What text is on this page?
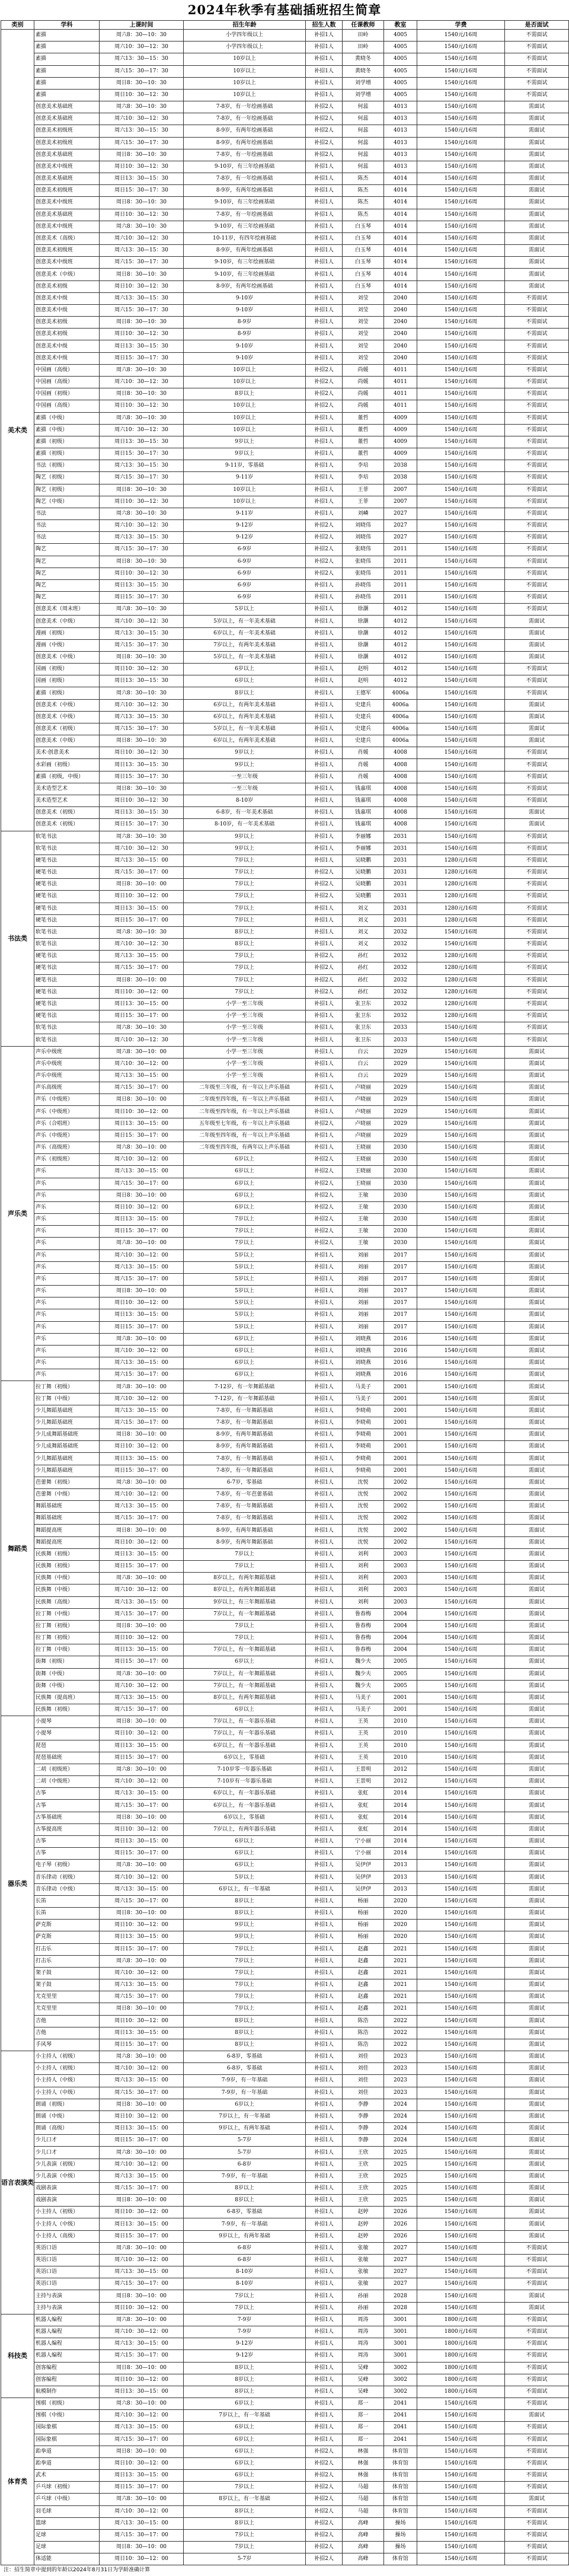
2024年秋季有基础插班招生简章
类别	学科	上课时间	招生年龄	招生人数	任课教师	教室	学费	是否面试
美术类	素描	周六8：30—10：30	小学四年级以上	补招1人	田岭	4005	1540元/16周	不需面试
	素描	周六10：30—12：30	小学四年级以上	补招1人	田岭	4005	1540元/16周	不需面试
	素描	周六13：30—15：30	10岁以上	补招1人	黄晓冬	4005	1540元/16周	不需面试
	素描	周六15：30—17：30	10岁以上	补招1人	黄晓冬	4005	1540元/16周	不需面试
	素描	周日8：30—10：30	10岁以上	补招1人	刘学增	4005	1540元/16周	不需面试
	素描	周日10：30—12：30	10岁以上	补招1人	刘学增	4005	1540元/16周	不需面试
	创意美术基础班	周六8：30—10：30	7-8岁，有一年绘画基础	补招2人	何蕊	4013	1540元/16周	需面试
	创意美术基础班	周六10：30—12：30	7-8岁，有一年绘画基础	补招2人	何蕊	4013	1540元/16周	需面试
	创意美术初级班	周六13：30—15：30	8-9岁，有两年绘画基础	补招2人	何蕊	4013	1540元/16周	需面试
	创意美术初级班	周六15：30—17：30	8-9岁，有两年绘画基础	补招2人	何蕊	4013	1540元/16周	需面试
	创意美术基础班	周日8：30—10：30	7-8岁，有一年绘画基础	补招2人	何蕊	4013	1540元/16周	需面试
	创意美术中级班	周日10：30—12：30	9-10岁，有三年绘画基础	补招1人	何蕊	4013	1540元/16周	需面试
	创意美术基础班	周日13：30—15：30	7-8岁，有一年绘画基础	补招1人	陈杰	4014	1540元/16周	需面试
	创意美术初级班	周日15：30—17：30	8-9岁，有两年绘画基础	补招1人	陈杰	4014	1540元/16周	需面试
	创意美术中级班	周日8：30—10：30	9-10岁，有三年绘画基础	补招1人	陈杰	4014	1540元/16周	需面试
	创意美术基础班	周日10：30—12：30	7-8岁，有一年绘画基础	补招1人	陈杰	4014	1540元/16周	需面试
	创意美术中级班	周六8：30—10：30	9-10岁，有三年绘画基础	补招1人	白玉琴	4014	1540元/16周	需面试
	创意美术（高级）	周六10：30—12：30	10-11岁，有四年绘画基础	补招1人	白玉琴	4014	1540元/16周	需面试
	创意美术初级班	周六13：30—15：30	8-9岁，有两年绘画基础	补招1人	白玉琴	4014	1540元/16周	需面试
	创意美术中级班	周六15：30—17：30	9-10岁，有三年绘画基础	补招1人	白玉琴	4014	1540元/16周	需面试
	创意美术（中级）	周日8：30—10：30	9-10岁，有三年绘画基础	补招1人	白玉琴	4014	1540元/16周	需面试
	创意美术初级	周日10：30—12：30	8-9岁，有两年绘画基础	补招1人	白玉琴	4014	1540元/16周	需面试
	创意美术中级	周六13：30—15：30	9-10岁	补招1人	刘莹	2040	1540元/16周	不需面试
	创意美术中级	周六15：30—17：30	9-10岁	补招1人	刘莹	2040	1540元/16周	不需面试
	创意美术初级	周日8：30—10：30	8-9岁	补招1人	刘莹	2040	1540元/16周	不需面试
	创意美术初级	周日10：30—12：30	8-9岁	补招1人	刘莹	2040	1540元/16周	不需面试
	创意美术中级	周日13：30—15：30	9-10岁	补招1人	刘莹	2040	1540元/16周	不需面试
	创意美术中级	周日15：30—17：30	9-10岁	补招1人	刘莹	2040	1540元/16周	不需面试
	中国画（高级）	周六8：30—10：30	10岁以上	补招2人	尚媛	4011	1540元/16周	不需面试
	中国画（高级）	周六10：30—12：30	10岁以上	补招2人	尚媛	4011	1540元/16周	不需面试
	中国画（初级）	周日8：30—10：30	8岁以上	补招2人	尚媛	4011	1540元/16周	不需面试
	中国画（高级）	周日10：30—12：30	10岁以上	补招2人	尚媛	4011	1540元/16周	不需面试
	素描（中级）	周六8：30—10：30	10岁以上	补招1人	董哲	4009	1540元/16周	不需面试
	素描（中级）	周六10：30—12：30	10岁以上	补招1人	董哲	4009	1540元/16周	不需面试
	素描（初级）	周日13：30—15：30	9岁以上	补招1人	董哲	4009	1540元/16周	不需面试
	素描（初级）	周日15：30—17：30	9岁以上	补招1人	董哲	4009	1540元/16周	不需面试
	书法（初级）	周六13：30—15：30	9-11岁，零基础	补招1人	李培	2038	1540元/16周	不需面试
	陶艺（初级）	周六15：30—17：30	9-11岁	补招1人	李培	2038	1540元/16周	不需面试
	陶艺（初级）	周日8：30—10：30	10岁以上	补招1人	王菲	2007	1540元/16周	不需面试
	陶艺（中级）	周日10：30—12：30	10岁以上	补招1人	王菲	2007	1540元/16周	不需面试
	书法	周六8：30—10：30	9-11岁	补招1人	刘嶙	2027	1540元/16周	不需面试
	书法	周六10：30—12：30	9-12岁	补招2人	刘晓伟	2027	1540元/16周	不需面试
	书法	周六13：30—15：30	9-12岁	补招2人	刘晓伟	2027	1540元/16周	不需面试
	陶艺	周六15：30—17：30	6-9岁	补招2人	张晓伟	2011	1540元/16周	不需面试
	陶艺	周日8：30—10：30	6-9岁	补招2人	张晓伟	2011	1540元/16周	不需面试
	陶艺	周日10：30—12：30	6-9岁	补招2人	张晓伟	2011	1540元/16周	不需面试
	陶艺	周日13：30—15：30	6-9岁	补招1人	孙晓伟	2011	1540元/16周	不需面试
	陶艺	周日15：30—17：30	6-9岁	补招1人	孙晓伟	2011	1540元/16周	不需面试
	创意美术（周末班）	周六8：30—10：30	5岁以上	补招1人	徐灏	4012	1540元/16周	不需面试
	创意美术（中级）	周六10：30—12：30	5岁以上，有一年美术基础	补招1人	徐灏	4012	1540元/16周	需面试
	漫画（初级）	周六13：30—15：30	6岁以上，有一年美术基础	补招1人	徐灏	4012	1540元/16周	需面试
	漫画（中级）	周六15：30—17：30	7岁以上，有两年美术基础	补招1人	徐灏	4012	1540元/16周	需面试
	创意美术（中级）	周日8：30—10：30	5岁以上，有一年美术基础	补招1人	徐灏	4012	1540元/16周	需面试
	国画（初级）	周日10：30—12：30	6岁以上	补招1人	赵明	4012	1540元/16周	不需面试
	国画（初级）	周日13：30—15：30	6岁以上	补招1人	赵明	4012	1540元/16周	不需面试
	素描（初级）	周六8：30—10：30	8岁以上	补招1人	王德军	4006a	1540元/16周	不需面试
	创意美术（中级）	周六10：30—12：30	6岁以上，有两年美术基础	补招1人	史建兵	4006a	1540元/16周	需面试
	创意美术（中级）	周六13：30—15：30	6岁以上，有两年美术基础	补招1人	史建兵	4006a	1540元/16周	需面试
	创意美术（初级）	周六15：30—17：30	5岁以上，有一年美术基础	补招1人	史建兵	4006a	1540元/16周	需面试
	创意美术（中级）	周日8：30—10：30	6岁以上，有两年美术基础	补招1人	史建兵	4006a	1540元/16周	需面试
	美术·创意美术	周日10：30—12：30	9岁以上	补招1人	肖媛	4008	1540元/16周	不需面试
	水彩画（初级）	周日13：30—15：30	9岁以上	补招1人	肖媛	4008	1540元/16周	不需面试
	素描（初级，中级）	周日15：30—17：30	一至三年级	补招1人	肖媛	4008	1540元/16周	不需面试
	美术造型艺术	周日8：30—10：30	一至三年级	补招1人	钱嘉琪	4008	1540元/16周	不需面试
	美术造型艺术	周日10：30—12：30	8-10岁	补招1人	钱嘉琪	4008	1540元/16周	不需面试
	创意美术（初级）	周日13：30—15：30	6-8岁，有一年美术基础	补招1人	钱嘉琪	4008	1540元/16周	需面试
	创意美术（初级）	周日15：30—17：30	8-10岁，有一年美术基础	补招1人	钱嘉琪	4008	1540元/16周	需面试
书法类	软笔书法	周六8：30—10：30	9岁以上	补招1人	李丽娜	2031	1540元/16周	不需面试
	软笔书法	周六10：30—12：30	9岁以上	补招1人	李丽娜	2031	1540元/16周	不需面试
	硬笔书法	周六13：30—15：00	7岁以上	补招1人	吴晓鹏	2031	1280元/16周	不需面试
	硬笔书法	周六15：30—17：00	7岁以上	补招2人	吴晓鹏	2031	1280元/16周	不需面试
	硬笔书法	周日8：30—10：00	7岁以上	补招2人	吴晓鹏	2031	1280元/16周	不需面试
	硬笔书法	周日10：30—12：00	7岁以上	补招2人	吴晓鹏	2031	1280元/16周	不需面试
	硬笔书法	周日13：30—15：00	7岁以上	补招1人	刘义	2031	1280元/16周	不需面试
	硬笔书法	周日15：30—17：00	7岁以上	补招1人	刘义	2031	1280元/16周	不需面试
	软笔书法	周六8：30—10：30	8岁以上	补招1人	刘义	2032	1540元/16周	不需面试
	软笔书法	周六10：30—12：30	8岁以上	补招1人	刘义	2032	1540元/16周	不需面试
	硬笔书法	周六13：30—15：00	7岁以上	补招2人	孙红	2032	1280元/16周	不需面试
	硬笔书法	周六15：30—17：00	7岁以上	补招2人	孙红	2032	1280元/16周	不需面试
	硬笔书法	周日8：30—10：00	7岁以上	补招2人	孙红	2032	1280元/16周	不需面试
	硬笔书法	周日10：30—12：00	7岁以上	补招2人	孙红	2032	1280元/16周	不需面试
	硬笔书法	周日13：30—15：00	小学一至三年级	补招1人	张卫东	2032	1280元/16周	不需面试
	硬笔书法	周日15：30—17：00	小学一至三年级	补招1人	张卫东	2032	1280元/16周	不需面试
	软笔书法	周六8：30—10：30	小学一至三年级	补招1人	张卫东	2033	1540元/16周	不需面试
	软笔书法	周六10：30—12：30	小学一至三年级	补招1人	张卫东	2033	1540元/16周	不需面试
声乐类	声乐中级班	周六8：30—10：00	小学一至三年级	补招1人	白云	2029	1540元/16周	需面试
	声乐中级班	周六10：30—12：00	小学一至三年级	补招1人	白云	2029	1540元/16周	需面试
	声乐中级班	周六13：30—15：00	小学一至三年级	补招1人	白云	2029	1540元/16周	需面试
	声乐高级班	周六15：30—17：00	二年级至三年级，有一年以上声乐基础	补招1人	卢晓丽	2029	1540元/16周	需面试
	声乐（中级班）	周日8：30—10：00	二年级至四年级，有一年以上声乐基础	补招1人	卢晓丽	2029	1540元/16周	需面试
	声乐（中级班）	周日10：30—12：00	二年级至四年级，有一年以上声乐基础	补招1人	卢晓丽	2029	1540元/16周	需面试
	声乐（合唱班）	周日13：30—15：00	五年级至七年级，有一年以上声乐基础	补招2人	卢晓丽	2029	1540元/16周	需面试
	声乐（中级班）	周日15：30—17：00	二年级至四年级，有一年以上声乐基础	补招1人	卢晓丽	2029	1540元/16周	需面试
	声乐（高级班）	周六8：30—10：00	二年级至四年级，有两年以上声乐基础	补招1人	王晓丽	2030	1540元/16周	需面试
	声乐（初级班）	周六10：30—12：00	6岁以上	补招2人	王晓丽	2030	1540元/16周	需面试
	声乐	周六13：30—15：00	6岁以上	补招2人	王晓丽	2030	1540元/16周	需面试
	声乐	周六15：30—17：00	6岁以上	补招2人	王晓丽	2030	1540元/16周	需面试
	声乐	周日8：30—10：00	6岁以上	补招2人	王敏	2030	1540元/16周	需面试
	声乐	周日10：30—12：00	6岁以上	补招2人	王敏	2030	1540元/16周	需面试
	声乐	周日13：30—15：00	7岁以上	补招2人	王敏	2030	1540元/16周	需面试
	声乐	周日15：30—17：00	7岁以上	补招2人	王敏	2030	1540元/16周	需面试
	声乐	周六8：30—10：00	7岁以上	补招2人	王敏	2030	1540元/16周	需面试
	声乐	周六10：30—12：00	5岁以上	补招1人	刘丽	2017	1540元/16周	需面试
	声乐	周六13：30—15：00	5岁以上	补招1人	刘丽	2017	1540元/16周	需面试
	声乐	周六15：30—17：00	5岁以上	补招1人	刘丽	2017	1540元/16周	需面试
	声乐	周日8：30—10：00	5岁以上	补招1人	刘丽	2017	1540元/16周	需面试
	声乐	周日10：30—12：00	5岁以上	补招1人	刘丽	2017	1540元/16周	需面试
	声乐	周日13：30—15：00	5岁以上	补招1人	刘丽	2017	1540元/16周	需面试
	声乐	周日15：30—17：00	5岁以上	补招1人	刘丽	2017	1540元/16周	需面试
	声乐	周六8：30—10：00	6岁以上	补招1人	刘晓燕	2016	1540元/16周	需面试
	声乐	周六10：30—12：00	6岁以上	补招1人	刘晓燕	2016	1540元/16周	需面试
	声乐	周六13：30—15：00	6岁以上	补招1人	刘晓燕	2016	1540元/16周	需面试
	声乐	周六15：30—17：00	6岁以上	补招1人	刘晓燕	2016	1540元/16周	需面试
舞蹈类	拉丁舞（初级）	周六8：30—10：00	7-12岁，有一年舞蹈基础	补招1人	马美子	2001	1540元/16周	需面试
	拉丁舞（中级）	周六10：30—12：00	7-12岁，有一年舞蹈基础	补招1人	马美子	2001	1540元/16周	需面试
	少儿舞蹈基础班	周六13：30—15：00	7-8岁，有一年舞蹈基础	补招1人	李晓萌	2001	1540元/16周	需面试
	少儿舞蹈基础班	周六15：30—17：00	7-8岁，有一年舞蹈基础	补招1人	李晓萌	2001	1540元/16周	需面试
	少儿成舞蹈基础班	周日8：30—10：00	8-9岁，有两年舞蹈基础	补招1人	李晓萌	2001	1540元/16周	需面试
	少儿成舞蹈基础班	周日10：30—12：00	8-9岁，有两年舞蹈基础	补招1人	李晓萌	2001	1540元/16周	需面试
	少儿舞蹈基础班	周日13：30—15：00	7-8岁，有一年舞蹈基础	补招1人	李晓萌	2001	1540元/16周	需面试
	少儿舞蹈基础班	周日15：30—17：00	7-8岁，有一年舞蹈基础	补招1人	李晓萌	2001	1540元/16周	需面试
	芭蕾舞（初级）	周六8：30—10：00	6-7岁，零基础	补招1人	沈悦	2002	1540元/16周	需面试
	芭蕾舞（中级）	周六10：30—12：00	7-8岁，有一年芭蕾基础	补招1人	沈悦	2002	1540元/16周	需面试
	舞蹈基础班	周六13：30—15：00	7-8岁，有一年舞蹈基础	补招1人	沈悦	2002	1540元/16周	需面试
	舞蹈基础班	周六15：30—17：00	7-8岁，有一年舞蹈基础	补招1人	沈悦	2002	1540元/16周	需面试
	舞蹈提高班	周日8：30—10：00	8-9岁，有两年舞蹈基础	补招1人	沈悦	2002	1540元/16周	需面试
	舞蹈提高班	周日10：30—12：00	8-9岁，有两年舞蹈基础	补招1人	沈悦	2002	1540元/16周	需面试
	民族舞（初级）	周日13：30—15：00	7岁以上	补招1人	刘利	2003	1540元/16周	需面试
	民族舞（初级）	周日15：30—17：00	7岁以上	补招1人	刘利	2003	1540元/16周	需面试
	民族舞（中级）	周六8：30—10：00	8岁以上，有两年舞蹈基础	补招1人	刘利	2003	1540元/16周	需面试
	民族舞（中级）	周六10：30—12：00	8岁以上，有两年舞蹈基础	补招1人	刘利	2003	1540元/16周	需面试
	民族舞（高级）	周六13：30—15：00	9岁以上，有三年舞蹈基础	补招1人	刘利	2003	1540元/16周	需面试
	拉丁舞（中级）	周六15：30—17：00	7岁以上，有一年舞蹈基础	补招1人	鲁春梅	2004	1540元/16周	需面试
	拉丁舞（初级）	周日8：30—10：00	7岁以上	补招1人	鲁春梅	2004	1540元/16周	需面试
	拉丁舞（初级）	周日10：30—12：00	7岁以上	补招1人	鲁春梅	2004	1540元/16周	需面试
	拉丁舞（中级）	周日13：30—15：00	7岁以上，有一年舞蹈基础	补招1人	鲁春梅	2004	1540元/16周	需面试
	街舞（初级）	周日15：30—17：00	6岁以上	补招1人	魏少夫	2005	1540元/16周	需面试
	街舞（中级）	周六8：30—10：00	7岁以上，有一年舞蹈基础	补招1人	魏少夫	2005	1540元/16周	需面试
	街舞（中级）	周六10：30—12：00	7岁以上，有一年舞蹈基础	补招1人	魏少夫	2005	1540元/16周	需面试
	民族舞（提高班）	周六13：30—15：00	8岁以上，有两年舞蹈基础	补招1人	马美子	2001	1540元/16周	需面试
	民族舞（初级）	周六15：30—17：00	6岁以上	补招1人	马美子	2001	1540元/16周	需面试
器乐类	小提琴	周日8：30—10：00	7岁以上，有一年器乐基础	补招1人	王英	2010	1540元/16周	需面试
	小提琴	周日10：30—12：00	7岁以上，有一年器乐基础	补招1人	王英	2010	1540元/16周	需面试
	琵琶	周日13：30—15：00	6岁以上，有一年器乐基础	补招1人	王英	2010	1540元/16周	需面试
	琵琶基础班	周日15：30—17：00	6岁以上，零基础	补招1人	王英	2010	1540元/16周	需面试
	二胡（初级班）	周六8：30—10：00	7-10岁零一年器乐基础	补招1人	王景明	2012	1540元/16周	需面试
	二胡（中级班）	周六10：30—12：00	7-10岁有一年器乐基础	补招1人	王景明	2012	1540元/16周	需面试
	古筝	周六13：30—15：00	6岁以上，有一年器乐基础	补招1人	张虹	2014	1540元/16周	需面试
	古筝	周六15：30—17：00	6岁以上，有一年器乐基础	补招1人	张虹	2014	1540元/16周	需面试
	古筝基础班	周日8：30—10：00	6岁以上，零基础	补招1人	张虹	2014	1540元/16周	需面试
	古筝提高班	周日10：30—12：00	7岁以上，有两年器乐基础	补招1人	张虹	2014	1540元/16周	需面试
	古筝	周日13：30—15：00	6岁以上	补招1人	宁小丽	2014	1540元/16周	需面试
	古筝	周日15：30—17：00	6岁以上	补招1人	宁小丽	2014	1540元/16周	需面试
	电子琴（初级）	周六8：30—10：00	6岁以上	补招1人	吴伊伊	2013	1540元/16周	需面试
	音乐律动（初级）	周六10：30—12：00	5岁以上	补招1人	吴伊伊	2013	1540元/16周	需面试
	音乐律动（中级）	周六13：30—15：00	6岁以上，有一年基础	补招1人	吴伊伊	2013	1540元/16周	需面试
	长笛	周六15：30—17：00	8岁以上	补招1人	杨丽	2020	1540元/16周	需面试
	长笛	周日8：30—10：00	8岁以上	补招1人	杨丽	2020	1540元/16周	需面试
	萨克斯	周日10：30—12：00	9岁以上	补招1人	杨丽	2020	1540元/16周	需面试
	萨克斯	周日13：30—15：00	9岁以上	补招1人	杨丽	2020	1540元/16周	需面试
	打击乐	周日15：30—17：00	7岁以上	补招1人	赵鑫	2021	1540元/16周	需面试
	打击乐	周六8：30—10：00	7岁以上	补招1人	赵鑫	2021	1540元/16周	需面试
	架子鼓	周六10：30—12：00	7岁以上	补招1人	赵鑫	2021	1540元/16周	需面试
	架子鼓	周六13：30—15：00	7岁以上	补招1人	赵鑫	2021	1540元/16周	需面试
	尤克里里	周六15：30—17：00	7岁以上	补招1人	赵鑫	2021	1540元/16周	需面试
	尤克里里	周日8：30—10：00	7岁以上	补招1人	赵鑫	2021	1540元/16周	需面试
	吉他	周日10：30—12：00	8岁以上	补招1人	陈浩	2022	1540元/16周	需面试
	吉他	周日13：30—15：00	8岁以上	补招1人	陈浩	2022	1540元/16周	需面试
	手风琴	周日15：30—17：00	8岁以上	补招1人	陈浩	2022	1540元/16周	需面试
语言表演类	小主持人（初级）	周六8：30—10：00	6-8岁，零基础	补招1人	刘佳	2023	1540元/16周	需面试
	小主持人（初级）	周六10：30—12：00	6-8岁，零基础	补招1人	刘佳	2023	1540元/16周	需面试
	小主持人（中级）	周六13：30—15：00	7-9岁，有一年基础	补招1人	刘佳	2023	1540元/16周	需面试
	小主持人（中级）	周六15：30—17：00	7-9岁，有一年基础	补招1人	刘佳	2023	1540元/16周	需面试
	朗诵（初级）	周日8：30—10：00	6岁以上	补招1人	李静	2024	1540元/16周	需面试
	朗诵（中级）	周日10：30—12：00	7岁以上，有一年基础	补招1人	李静	2024	1540元/16周	需面试
	朗诵（高级）	周日13：30—15：00	9岁以上，有两年基础	补招1人	李静	2024	1540元/16周	需面试
	少儿口才	周日15：30—17：00	5-7岁	补招1人	李静	2024	1540元/16周	需面试
	少儿口才	周六8：30—10：00	5-7岁	补招1人	王欣	2025	1540元/16周	需面试
	少儿表演（初级）	周六10：30—12：00	6-8岁	补招1人	王欣	2025	1540元/16周	需面试
	少儿表演（中级）	周六13：30—15：00	7-9岁，有一年基础	补招1人	王欣	2025	1540元/16周	需面试
	戏剧表演	周六15：30—17：00	8岁以上	补招1人	王欣	2025	1540元/16周	需面试
	戏剧表演	周日8：30—10：00	8岁以上	补招1人	王欣	2025	1540元/16周	需面试
	小主持人（初级）	周日10：30—12：00	6-8岁，零基础	补招1人	赵婷	2026	1540元/16周	需面试
	小主持人（中级）	周日13：30—15：00	7-9岁，有一年基础	补招1人	赵婷	2026	1540元/16周	需面试
	小主持人（高级）	周日15：30—17：00	9岁以上，有两年基础	补招1人	赵婷	2026	1540元/16周	需面试
	英语口语	周六8：30—10：00	6-8岁	补招1人	张敏	2027	1540元/16周	不需面试
	英语口语	周六10：30—12：00	6-8岁	补招1人	张敏	2027	1540元/16周	不需面试
	英语口语	周六13：30—15：00	8-10岁	补招1人	张敏	2027	1540元/16周	不需面试
	英语口语	周六15：30—17：00	8-10岁	补招1人	张敏	2027	1540元/16周	不需面试
	主持与表演	周日8：30—10：00	7岁以上	补招1人	孙丽	2028	1540元/16周	需面试
	主持与表演	周日10：30—12：00	7岁以上	补招1人	孙丽	2028	1540元/16周	需面试
科技类	机器人编程	周六8：30—10：00	7-9岁	补招1人	周涛	3001	1800元/16周	不需面试
	机器人编程	周六10：30—12：00	7-9岁	补招1人	周涛	3001	1800元/16周	不需面试
	机器人编程	周六13：30—15：00	9-12岁	补招1人	周涛	3001	1800元/16周	不需面试
	机器人编程	周六15：30—17：00	9-12岁	补招1人	周涛	3001	1800元/16周	不需面试
	创客编程	周日8：30—10：00	8岁以上	补招1人	吴峰	3002	1800元/16周	不需面试
	创客编程	周日10：30—12：00	8岁以上	补招1人	吴峰	3002	1800元/16周	不需面试
	航模制作	周日13：30—15：00	8岁以上	补招1人	吴峰	3002	1800元/16周	不需面试
体育类	围棋（初级）	周六8：30—10：00	6岁以上	补招1人	郑一	2041	1540元/16周	不需面试
	围棋（中级）	周六10：30—12：00	7岁以上，有一年基础	补招1人	郑一	2041	1540元/16周	需面试
	国际象棋	周六13：30—15：00	6岁以上	补招1人	郑一	2041	1540元/16周	不需面试
	国际象棋	周六15：30—17：00	6岁以上	补招1人	郑一	2041	1540元/16周	不需面试
	跆拳道	周日8：30—10：00	6岁以上	补招2人	林强	体育馆	1540元/16周	不需面试
	跆拳道	周日10：30—12：00	6岁以上	补招2人	林强	体育馆	1540元/16周	不需面试
	武术	周日13：30—15：00	6岁以上	补招2人	林强	体育馆	1540元/16周	不需面试
	乒乓球（初级）	周日15：30—17：00	7岁以上	补招2人	马超	体育馆	1540元/16周	不需面试
	乒乓球（中级）	周六8：30—10：00	8岁以上，有一年基础	补招2人	马超	体育馆	1540元/16周	需面试
	羽毛球	周六10：30—12：00	8岁以上	补招2人	马超	体育馆	1540元/16周	不需面试
	篮球	周六13：30—15：00	8岁以上	补招2人	高峰	操场	1540元/16周	不需面试
	足球	周六15：30—17：00	7岁以上	补招2人	高峰	操场	1540元/16周	不需面试
	足球	周日8：30—10：00	7岁以上	补招2人	高峰	操场	1540元/16周	不需面试
	体适能	周日10：30—12：00	5-7岁	补招2人	高峰	体育馆	1540元/16周	不需面试
注：招生简章中提到的年龄以2024年8月31日为学龄准确计算
